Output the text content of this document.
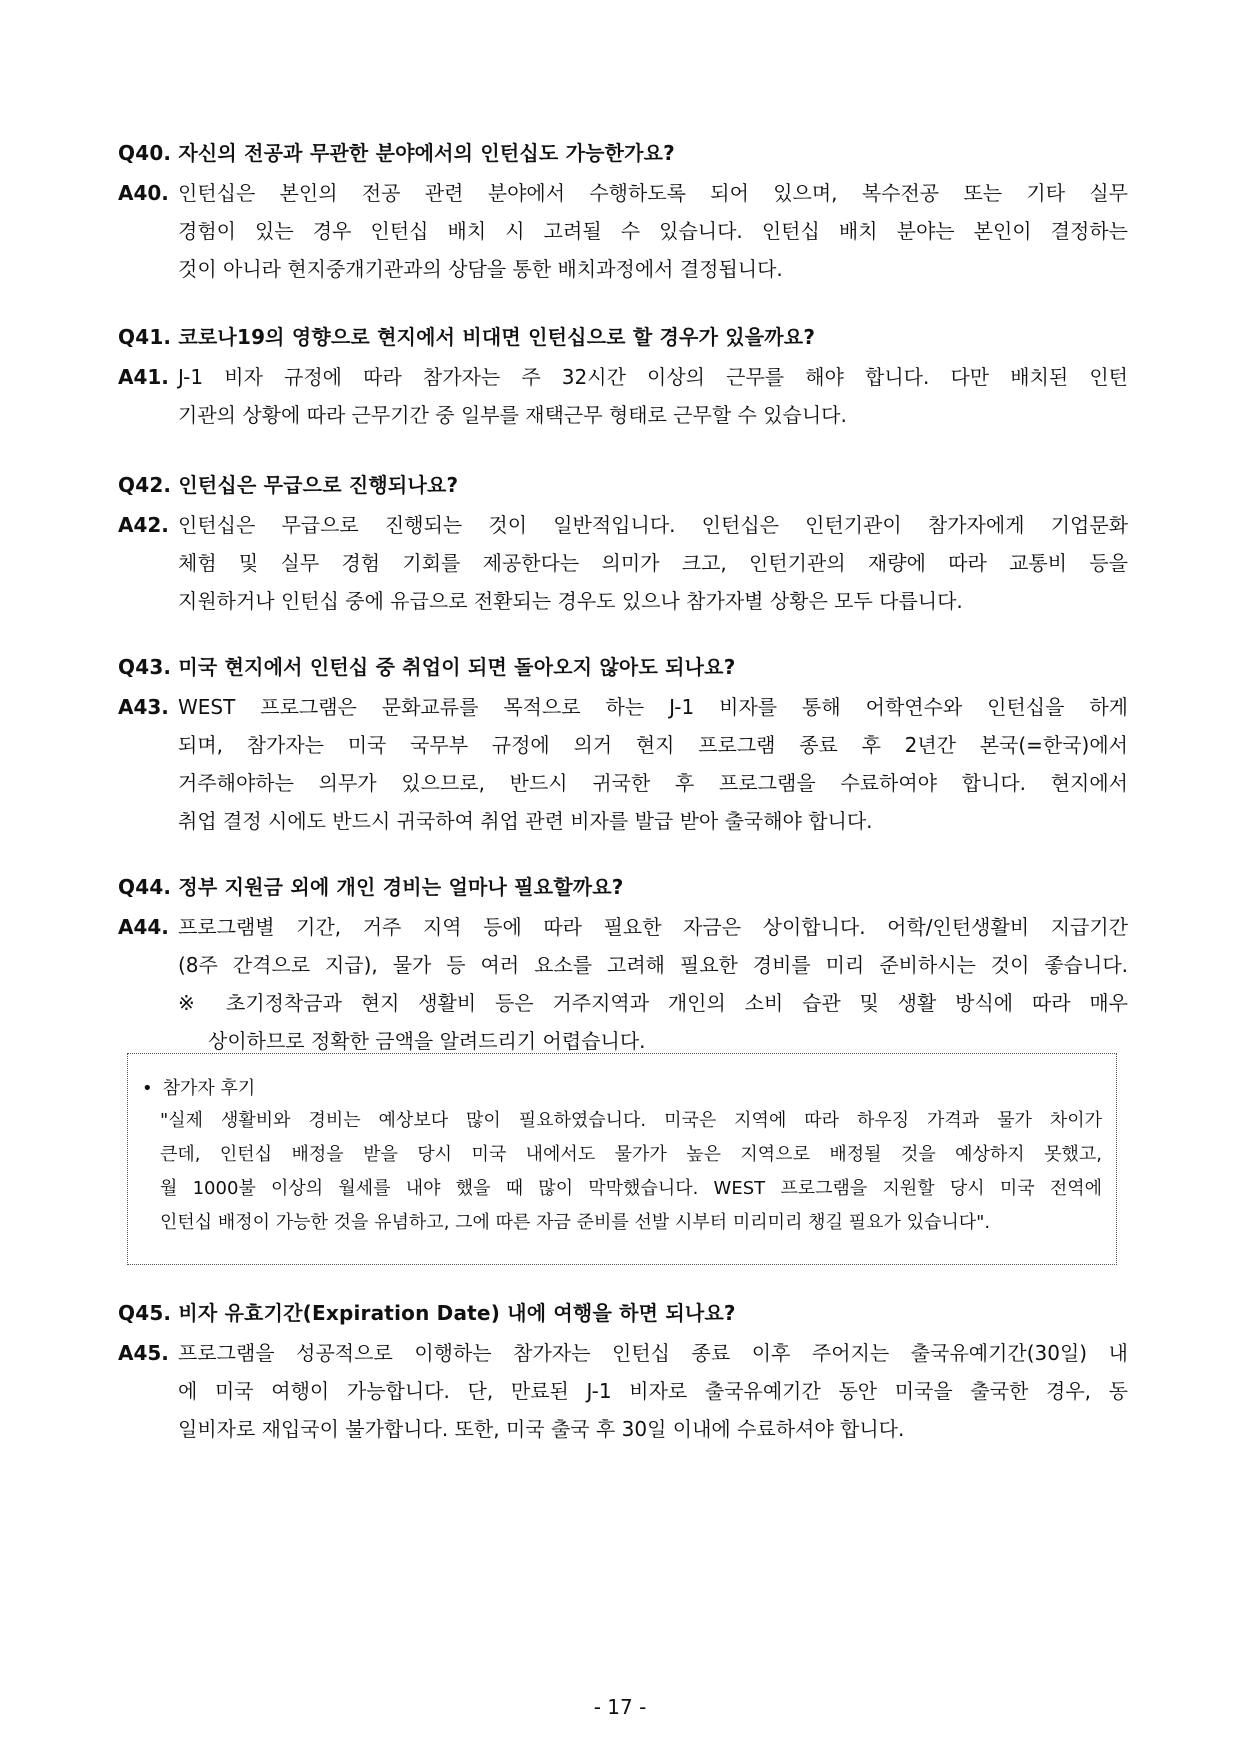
Q40. 자신의 전공과 무관한 분야에서의 인턴십도 가능한가요?
A40. 인턴십은 본인의 전공 관련 분야에서 수행하도록 되어 있으며, 복수전공 또는 기타 실무
경험이 있는 경우 인턴십 배치 시 고려될 수 있습니다. 인턴십 배치 분야는 본인이 결정하는
것이 아니라 현지중개기관과의 상담을 통한 배치과정에서 결정됩니다.
Q41. 코로나19의 영향으로 현지에서 비대면 인턴십으로 할 경우가 있을까요?
A41. J-1 비자 규정에 따라 참가자는 주 32시간 이상의 근무를 해야 합니다. 다만 배치된 인턴
기관의 상황에 따라 근무기간 중 일부를 재택근무 형태로 근무할 수 있습니다.
Q42. 인턴십은 무급으로 진행되나요?
A42. 인턴십은 무급으로 진행되는 것이 일반적입니다. 인턴십은 인턴기관이 참가자에게 기업문화
체험 및 실무 경험 기회를 제공한다는 의미가 크고, 인턴기관의 재량에 따라 교통비 등을
지원하거나 인턴십 중에 유급으로 전환되는 경우도 있으나 참가자별 상황은 모두 다릅니다.
Q43. 미국 현지에서 인턴십 중 취업이 되면 돌아오지 않아도 되나요?
A43. WEST 프로그램은 문화교류를 목적으로 하는 J-1 비자를 통해 어학연수와 인턴십을 하게
되며, 참가자는 미국 국무부 규정에 의거 현지 프로그램 종료 후 2년간 본국(=한국)에서
거주해야하는 의무가 있으므로, 반드시 귀국한 후 프로그램을 수료하여야 합니다. 현지에서
취업 결정 시에도 반드시 귀국하여 취업 관련 비자를 발급 받아 출국해야 합니다.
Q44. 정부 지원금 외에 개인 경비는 얼마나 필요할까요?
A44. 프로그램별 기간, 거주 지역 등에 따라 필요한 자금은 상이합니다. 어학/인턴생활비 지급기간
(8주 간격으로 지급), 물가 등 여러 요소를 고려해 필요한 경비를 미리 준비하시는 것이 좋습니다.
※ 초기정착금과 현지 생활비 등은 거주지역과 개인의 소비 습관 및 생활 방식에 따라 매우
상이하므로 정확한 금액을 알려드리기 어렵습니다.
• 참가자 후기
"실제 생활비와 경비는 예상보다 많이 필요하였습니다. 미국은 지역에 따라 하우징 가격과 물가 차이가
큰데, 인턴십 배정을 받을 당시 미국 내에서도 물가가 높은 지역으로 배정될 것을 예상하지 못했고,
월 1000불 이상의 월세를 내야 했을 때 많이 막막했습니다. WEST 프로그램을 지원할 당시 미국 전역에
인턴십 배정이 가능한 것을 유념하고, 그에 따른 자금 준비를 선발 시부터 미리미리 챙길 필요가 있습니다".
Q45. 비자 유효기간(Expiration Date) 내에 여행을 하면 되나요?
A45. 프로그램을 성공적으로 이행하는 참가자는 인턴십 종료 이후 주어지는 출국유예기간(30일) 내
에 미국 여행이 가능합니다. 단, 만료된 J-1 비자로 출국유예기간 동안 미국을 출국한 경우, 동
일비자로 재입국이 불가합니다. 또한, 미국 출국 후 30일 이내에 수료하셔야 합니다.
- 17 -
